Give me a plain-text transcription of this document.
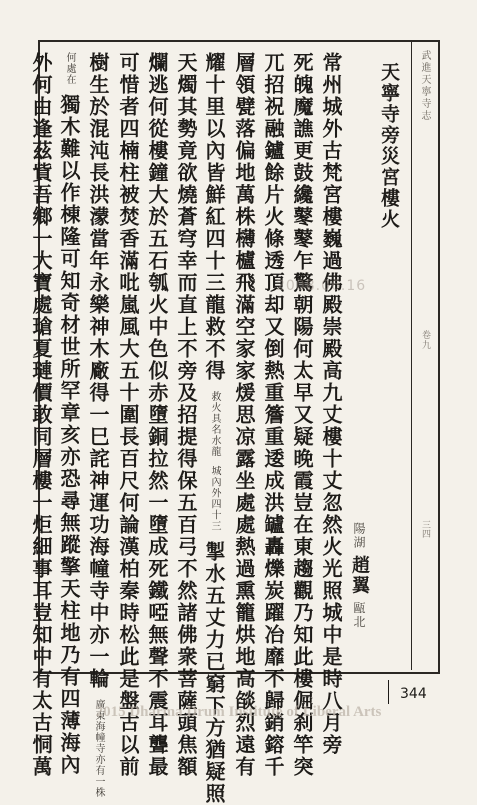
武進天寧寺志
卷九
三四
天寧寺旁災宮樓火
陽湖 趙翼 甌北
常州城外古梵宮樓巍過佛殿崇殿高九丈樓十丈忽然火光照城中是時八月旁
死魄魔譙更鼓纔鼕鼕乍驚朝陽何太早又疑晚霞豈在東趨觀乃知此樓倔刹竿突
兀招祝融鑪餘片火條透頂却又倒熱重簷重逶成洪罏轟爍炭躍冶靡不歸銷鎔千
層領甓落偏地萬株欂櫨飛滿空家家煖思凉露坐處處熱過熏籠烘地高燄烈遠有
耀十里以內皆鮮紅四十三龍救不得 救火具名水龍 城內外四十三 掣水五丈力已窮下方猶疑照
天燭其勢竟欲燒蒼穹幸而直上不旁及招提得保五百弓不然諸佛衆菩薩頭焦額
爛逃何從樓鐘大於五石瓠火中色似赤墮銅拉然一墮成死鐵啞無聲不震耳聾最
可惜者四楠柱被焚香滿吡嵐風大五十圍長百尺何論漢柏秦時松此是盤古以前
樹生於混沌長洪濛當年永樂神木廠得一巳詫神運功海幢寺中亦一輪 廣東海幢寺亦有一株
何處在 獨木難以作棟隆可知奇材世所罕章亥亦恐尋無蹤擎天柱地乃有四薄海內
外何由逢茲貲吾鄉一大寶處瑲夏璉價敢同層樓一炬細事耳豈知中有太古恫萬	2008.06.16
344
2015 Dharma Drum Institute of Liberal Arts
